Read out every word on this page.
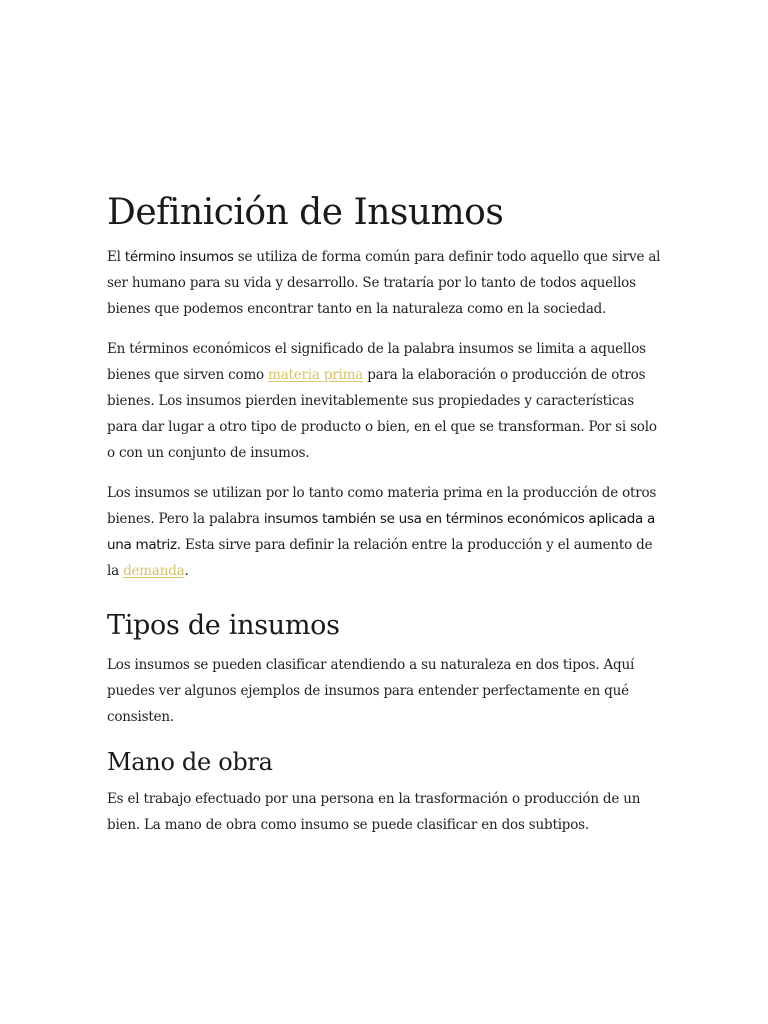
Definición de Insumos

El término insumos se utiliza de forma común para definir todo aquello que sirve al ser humano para su vida y desarrollo. Se trataría por lo tanto de todos aquellos bienes que podemos encontrar tanto en la naturaleza como en la sociedad.

En términos económicos el significado de la palabra insumos se limita a aquellos bienes que sirven como materia prima para la elaboración o producción de otros bienes. Los insumos pierden inevitablemente sus propiedades y características para dar lugar a otro tipo de producto o bien, en el que se transforman. Por si solo o con un conjunto de insumos.

Los insumos se utilizan por lo tanto como materia prima en la producción de otros bienes. Pero la palabra insumos también se usa en términos económicos aplicada a una matriz. Esta sirve para definir la relación entre la producción y el aumento de la demanda.

Tipos de insumos

Los insumos se pueden clasificar atendiendo a su naturaleza en dos tipos. Aquí puedes ver algunos ejemplos de insumos para entender perfectamente en qué consisten.

Mano de obra

Es el trabajo efectuado por una persona en la trasformación o producción de un bien. La mano de obra como insumo se puede clasificar en dos subtipos.
